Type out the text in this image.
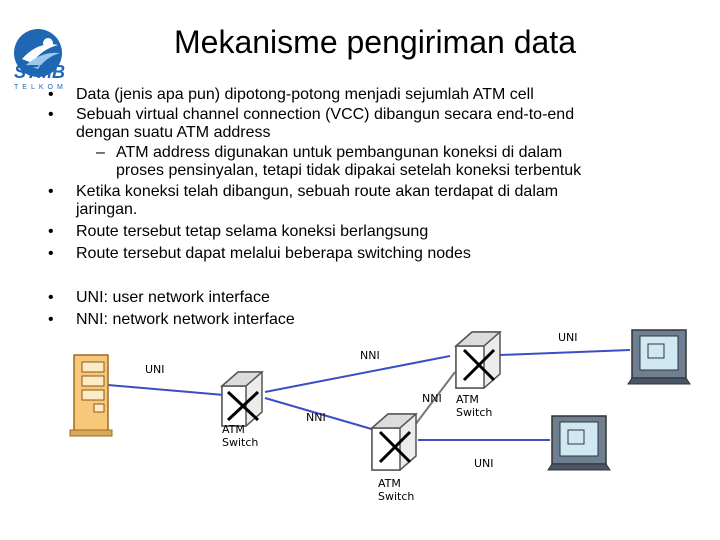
STMB
TELKOM
Mekanisme pengiriman data
•	Data (jenis apa pun) dipotong-potong menjadi sejumlah ATM cell
•	Sebuah virtual channel connection (VCC) dibangun secara end-to-end
dengan suatu ATM address
– ATM address digunakan untuk pembangunan koneksi di dalam
proses pensinyalan, tetapi tidak dipakai setelah koneksi terbentuk
•	Ketika koneksi telah dibangun, sebuah route akan terdapat di dalam
jaringan.
•	Route tersebut tetap selama koneksi berlangsung
•	Route tersebut dapat melalui beberapa switching nodes
•	UNI: user network interface
•	NNI: network network interface
UNI
NNI
UNI
NNI ATM
Switch
NNI
ATM
Switch
UNI
ATM
Switch
